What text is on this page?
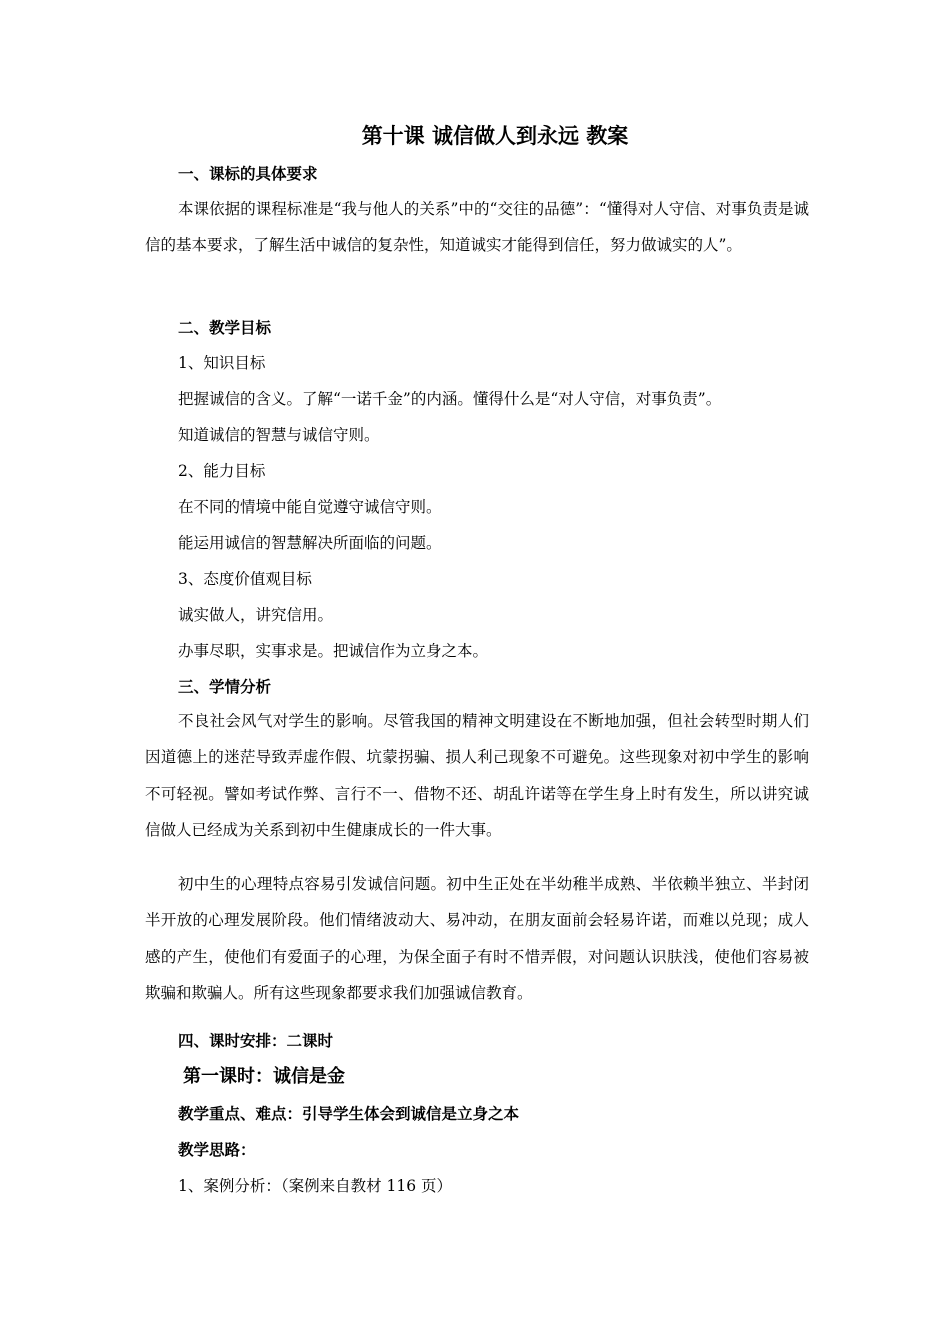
第十课 诚信做人到永远 教案
一、课标的具体要求

本课依据的课程标准是“我与他人的关系”中的“交往的品德”：“懂得对人守信、对事负责是诚信的基本要求，了解生活中诚信的复杂性，知道诚实才能得到信任，努力做诚实的人”。

二、教学目标
1、知识目标
把握诚信的含义。了解“一诺千金”的内涵。懂得什么是“对人守信，对事负责”。
知道诚信的智慧与诚信守则。
2、能力目标
在不同的情境中能自觉遵守诚信守则。
能运用诚信的智慧解决所面临的问题。
3、态度价值观目标
诚实做人，讲究信用。
办事尽职，实事求是。把诚信作为立身之本。
三、学情分析

不良社会风气对学生的影响。尽管我国的精神文明建设在不断地加强，但社会转型时期人们因道德上的迷茫导致弄虚作假、坑蒙拐骗、损人利己现象不可避免。这些现象对初中学生的影响不可轻视。譬如考试作弊、言行不一、借物不还、胡乱许诺等在学生身上时有发生，所以讲究诚信做人已经成为关系到初中生健康成长的一件大事。

初中生的心理特点容易引发诚信问题。初中生正处在半幼稚半成熟、半依赖半独立、半封闭半开放的心理发展阶段。他们情绪波动大、易冲动，在朋友面前会轻易许诺，而难以兑现；成人感的产生，使他们有爱面子的心理，为保全面子有时不惜弄假，对问题认识肤浅，使他们容易被欺骗和欺骗人。所有这些现象都要求我们加强诚信教育。

四、课时安排：二课时
第一课时：诚信是金
教学重点、难点：引导学生体会到诚信是立身之本
教学思路：
1、案例分析：（案例来自教材 116 页）
